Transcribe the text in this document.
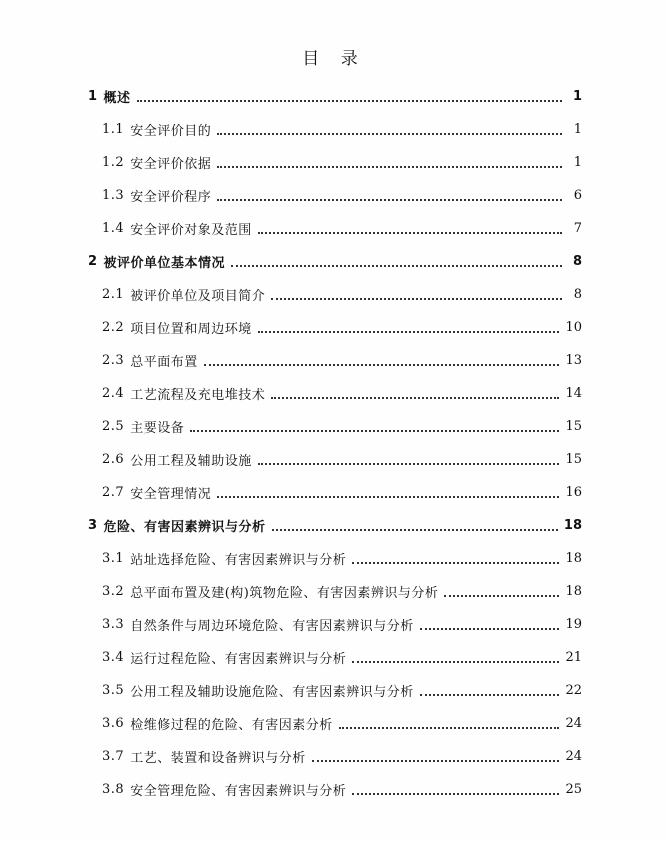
目 录
1 概述	1
1.1 安全评价目的	1
1.2 安全评价依据	1
1.3 安全评价程序	6
1.4 安全评价对象及范围	7
2 被评价单位基本情况	8
2.1 被评价单位及项目简介	8
2.2 项目位置和周边环境	10
2.3 总平面布置	13
2.4 工艺流程及充电堆技术	14
2.5 主要设备	15
2.6 公用工程及辅助设施	15
2.7 安全管理情况	16
3 危险、有害因素辨识与分析	18
3.1 站址选择危险、有害因素辨识与分析	18
3.2 总平面布置及建(构)筑物危险、有害因素辨识与分析	18
3.3 自然条件与周边环境危险、有害因素辨识与分析	19
3.4 运行过程危险、有害因素辨识与分析	21
3.5 公用工程及辅助设施危险、有害因素辨识与分析	22
3.6 检维修过程的危险、有害因素分析	24
3.7 工艺、装置和设备辨识与分析	24
3.8 安全管理危险、有害因素辨识与分析	25
